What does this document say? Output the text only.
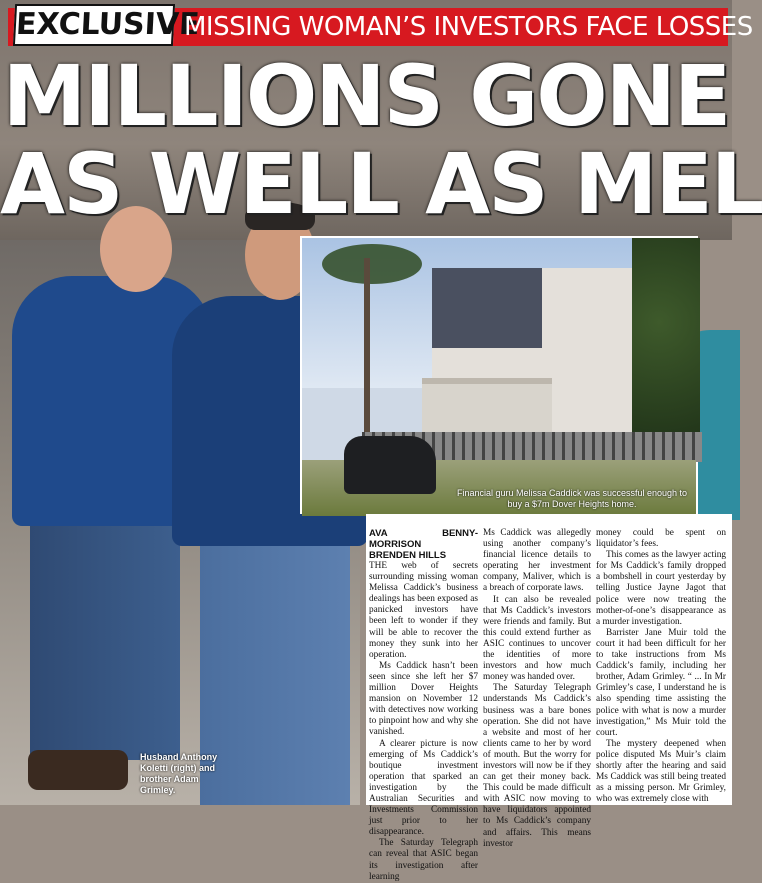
Husband Anthony Koletti (right) and brother Adam Grimley.
EXCLUSIVE
MISSING WOMAN’S INVESTORS FACE LOSSES
MILLIONS GONE
AS WELL AS MEL
Financial guru Melissa Caddick was successful enough to buy a $7m Dover Heights home.

AVA BENNY-MORRISON
BRENDEN HILLS

THE web of secrets surrounding missing woman Melissa Caddick’s business dealings has been exposed as panicked investors have been left to wonder if they will be able to recover the money they sunk into her operation.

Ms Caddick hasn’t been seen since she left her $7 million Dover Heights mansion on November 12 with detectives now working to pinpoint how and why she vanished.

A clearer picture is now emerging of Ms Caddick’s boutique investment operation that sparked an investigation by the Australian Securities and Investments Commission just prior to her disappearance.

The Saturday Telegraph can reveal that ASIC began its investigation after learning

Ms Caddick was allegedly using another company’s financial licence details to operating her investment company, Maliver, which is a breach of corporate laws.

It can also be revealed that Ms Caddick’s investors were friends and family. But this could extend further as ASIC continues to uncover the identities of more investors and how much money was handed over.

The Saturday Telegraph understands Ms Caddick’s business was a bare bones operation. She did not have a website and most of her clients came to her by word of mouth. But the worry for investors will now be if they can get their money back. This could be made difficult with ASIC now moving to have liquidators appointed to Ms Caddick’s company and affairs. This means investor

money could be spent on liquidator’s fees.

This comes as the lawyer acting for Ms Caddick’s family dropped a bombshell in court yesterday by telling Justice Jayne Jagot that police were now treating the mother-of-one’s disappearance as a murder investigation.

Barrister Jane Muir told the court it had been difficult for her to take instructions from Ms Caddick’s family, including her brother, Adam Grimley. “ ... In Mr Grimley’s case, I understand he is also spending time assisting the police with what is now a murder investigation,” Ms Muir told the court.

The mystery deepened when police disputed Ms Muir’s claim shortly after the hearing and said Ms Caddick was still being treated as a missing person. Mr Grimley, who was extremely close with
